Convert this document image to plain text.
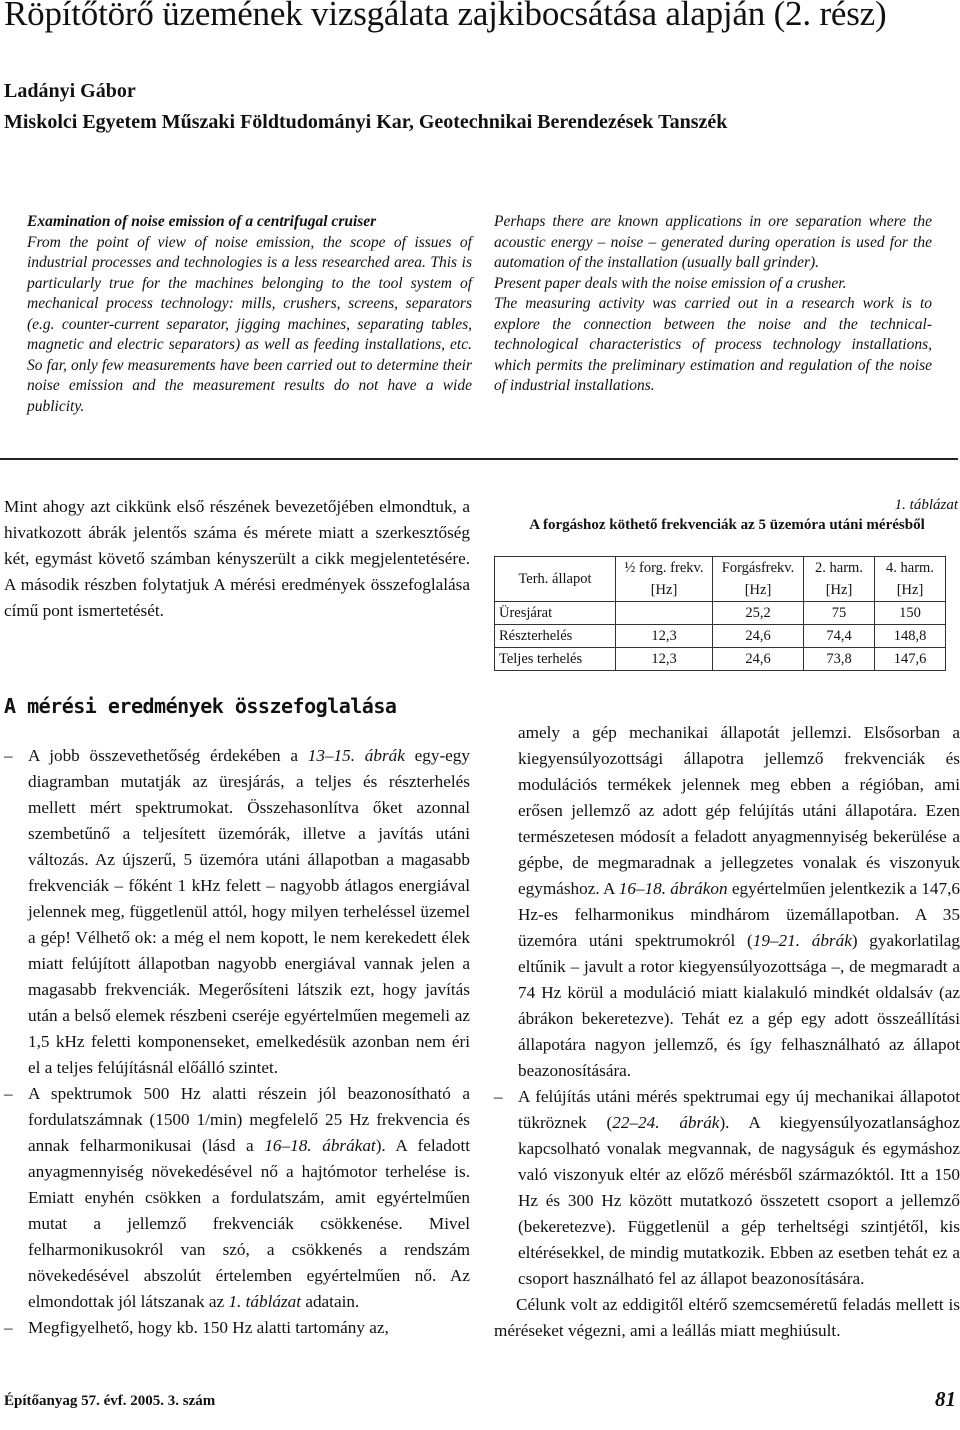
Röpítőtörő üzemének vizsgálata zajkibocsátása alapján (2. rész)
Ladányi Gábor
Miskolci Egyetem Műszaki Földtudományi Kar, Geotechnikai Berendezések Tanszék

Examination of noise emission of a centrifugal cruiser

From the point of view of noise emission, the scope of issues of industrial processes and technologies is a less researched area. This is particularly true for the machines belonging to the tool system of mechanical process technology: mills, crushers, screens, separators (e.g. counter-current separator, jigging machines, separating tables, magnetic and electric separators) as well as feeding installations, etc. So far, only few measurements have been carried out to determine their noise emission and the measurement results do not have a wide publicity.

Perhaps there are known applications in ore separation where the acoustic energy – noise – generated during operation is used for the automation of the installation (usually ball grinder).

Present paper deals with the noise emission of a crusher.

The measuring activity was carried out in a research work is to explore the connection between the noise and the technical-technological characteristics of process technology installations, which permits the preliminary estimation and regulation of the noise of industrial installations.

Mint ahogy azt cikkünk első részének bevezetőjében elmondtuk, a hivatkozott ábrák jelentős száma és mérete miatt a szerkesztőség két, egymást követő számban kényszerült a cikk megjelentetésére. A második részben folytatjuk A mérési eredmények összefoglalása című pont ismertetését.
1. táblázat
A forgáshoz köthető frekvenciák az 5 üzemóra utáni mérésből
Terh. állapot	½ forg. frekv.	Forgásfrekv.	2. harm.	4. harm.
	[Hz]	[Hz]	[Hz]	[Hz]
Üresjárat		25,2	75	150
Részterhelés	12,3	24,6	74,4	148,8
Teljes terhelés	12,3	24,6	73,8	147,6
A mérési eredmények összefoglalása
– A jobb összevethetőség érdekében a 13–15. ábrák egy-egy diagramban mutatják az üresjárás, a teljes és részterhelés mellett mért spektrumokat. Összehasonlítva őket azonnal szembetűnő a teljesített üzemórák, illetve a javítás utáni változás. Az újszerű, 5 üzemóra utáni állapotban a magasabb frekvenciák – főként 1 kHz felett – nagyobb átlagos energiával jelennek meg, függetlenül attól, hogy milyen terheléssel üzemel a gép! Vélhető ok: a még el nem kopott, le nem kerekedett élek miatt felújított állapotban nagyobb energiával vannak jelen a magasabb frekvenciák. Megerősíteni látszik ezt, hogy javítás után a belső elemek részbeni cseréje egyértelműen megemeli az 1,5 kHz feletti komponenseket, emelkedésük azonban nem éri el a teljes felújításnál előálló szintet.
– A spektrumok 500 Hz alatti részein jól beazonosítható a fordulatszámnak (1500 1/min) megfelelő 25 Hz frekvencia és annak felharmonikusai (lásd a 16–18. ábrákat). A feladott anyagmennyiség növekedésével nő a hajtómotor terhelése is. Emiatt enyhén csökken a fordulatszám, amit egyértelműen mutat a jellemző frekvenciák csökkenése. Mivel felharmonikusokról van szó, a csökkenés a rendszám növekedésével abszolút értelemben egyértelműen nő. Az elmondottak jól látszanak az 1. táblázat adatain.
– Megfigyelhető, hogy kb. 150 Hz alatti tartomány az,
amely a gép mechanikai állapotát jellemzi. Elsősorban a kiegyensúlyozottsági állapotra jellemző frekvenciák és modulációs termékek jelennek meg ebben a régióban, ami erősen jellemző az adott gép felújítás utáni állapotára. Ezen természetesen módosít a feladott anyagmennyiség bekerülése a gépbe, de megmaradnak a jellegzetes vonalak és viszonyuk egymáshoz. A 16–18. ábrákon egyértelműen jelentkezik a 147,6 Hz-es felharmonikus mindhárom üzemállapotban. A 35 üzemóra utáni spektrumokról (19–21. ábrák) gyakorlatilag eltűnik – javult a rotor kiegyensúlyozottsága –, de megmaradt a 74 Hz körül a moduláció miatt kialakuló mindkét oldalsáv (az ábrákon bekeretezve). Tehát ez a gép egy adott összeállítási állapotára nagyon jellemző, és így felhasználható az állapot beazonosítására.
– A felújítás utáni mérés spektrumai egy új mechanikai állapotot tükröznek (22–24. ábrák). A kiegyensúlyozatlansághoz kapcsolható vonalak megvannak, de nagyságuk és egymáshoz való viszonyuk eltér az előző mérésből származóktól. Itt a 150 Hz és 300 Hz között mutatkozó összetett csoport a jellemző (bekeretezve). Függetlenül a gép terheltségi szintjétől, kis eltérésekkel, de mindig mutatkozik. Ebben az esetben tehát ez a csoport használható fel az állapot beazonosítására.
Célunk volt az eddigitől eltérő szemcseméretű feladás mellett is méréseket végezni, ami a leállás miatt meghiúsult.
Építőanyag 57. évf. 2005. 3. szám	81
